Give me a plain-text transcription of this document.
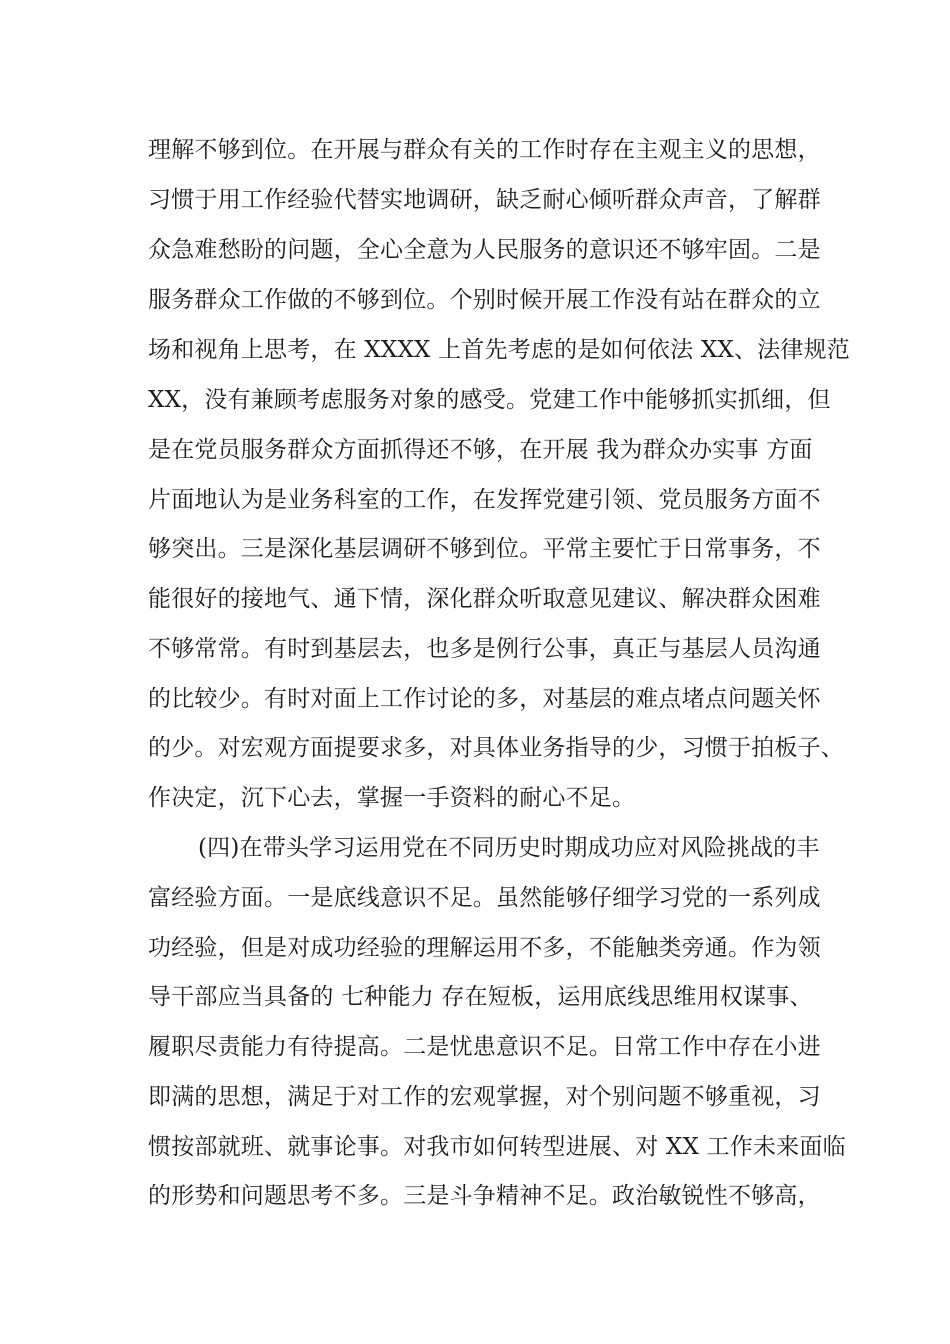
理解不够到位。在开展与群众有关的工作时存在主观主义的思想，
习惯于用工作经验代替实地调研，缺乏耐心倾听群众声音，了解群
众急难愁盼的问题，全心全意为人民服务的意识还不够牢固。二是
服务群众工作做的不够到位。个别时候开展工作没有站在群众的立
场和视角上思考，在 XXXX 上首先考虑的是如何依法 XX、法律规范
XX，没有兼顾考虑服务对象的感受。党建工作中能够抓实抓细，但
是在党员服务群众方面抓得还不够，在开展 我为群众办实事 方面
片面地认为是业务科室的工作，在发挥党建引领、党员服务方面不
够突出。三是深化基层调研不够到位。平常主要忙于日常事务，不
能很好的接地气、通下情，深化群众听取意见建议、解决群众困难
不够常常。有时到基层去，也多是例行公事，真正与基层人员沟通
的比较少。有时对面上工作讨论的多，对基层的难点堵点问题关怀
的少。对宏观方面提要求多，对具体业务指导的少，习惯于拍板子、
作决定，沉下心去，掌握一手资料的耐心不足。
(四)在带头学习运用党在不同历史时期成功应对风险挑战的丰
富经验方面。一是底线意识不足。虽然能够仔细学习党的一系列成
功经验，但是对成功经验的理解运用不多，不能触类旁通。作为领
导干部应当具备的 七种能力 存在短板，运用底线思维用权谋事、
履职尽责能力有待提高。二是忧患意识不足。日常工作中存在小进
即满的思想，满足于对工作的宏观掌握，对个别问题不够重视，习
惯按部就班、就事论事。对我市如何转型进展、对 XX 工作未来面临
的形势和问题思考不多。三是斗争精神不足。政治敏锐性不够高，
